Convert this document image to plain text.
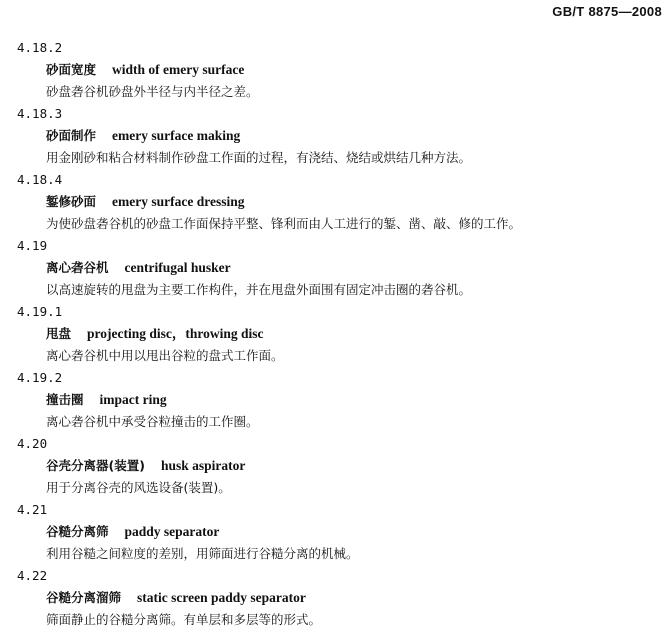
GB/T 8875—2008
4.18.2
砂面宽度 width of emery surface
砂盘砻谷机砂盘外半径与内半径之差。
4.18.3
砂面制作 emery surface making
用金刚砂和粘合材料制作砂盘工作面的过程，有浇结、烧结或烘结几种方法。
4.18.4
錾修砂面 emery surface dressing
为使砂盘砻谷机的砂盘工作面保持平整、锋利而由人工进行的錾、凿、敲、修的工作。
4.19
离心砻谷机 centrifugal husker
以高速旋转的甩盘为主要工作构件，并在甩盘外面围有固定冲击圈的砻谷机。
4.19.1
甩盘 projecting disc，throwing disc
离心砻谷机中用以甩出谷粒的盘式工作面。
4.19.2
撞击圈 impact ring
离心砻谷机中承受谷粒撞击的工作圈。
4.20
谷壳分离器(装置) husk aspirator
用于分离谷壳的风选设备(装置)。
4.21
谷糙分离筛 paddy separator
利用谷糙之间粒度的差别，用筛面进行谷糙分离的机械。
4.22
谷糙分离溜筛 static screen paddy separator
筛面静止的谷糙分离筛。有单层和多层等的形式。
